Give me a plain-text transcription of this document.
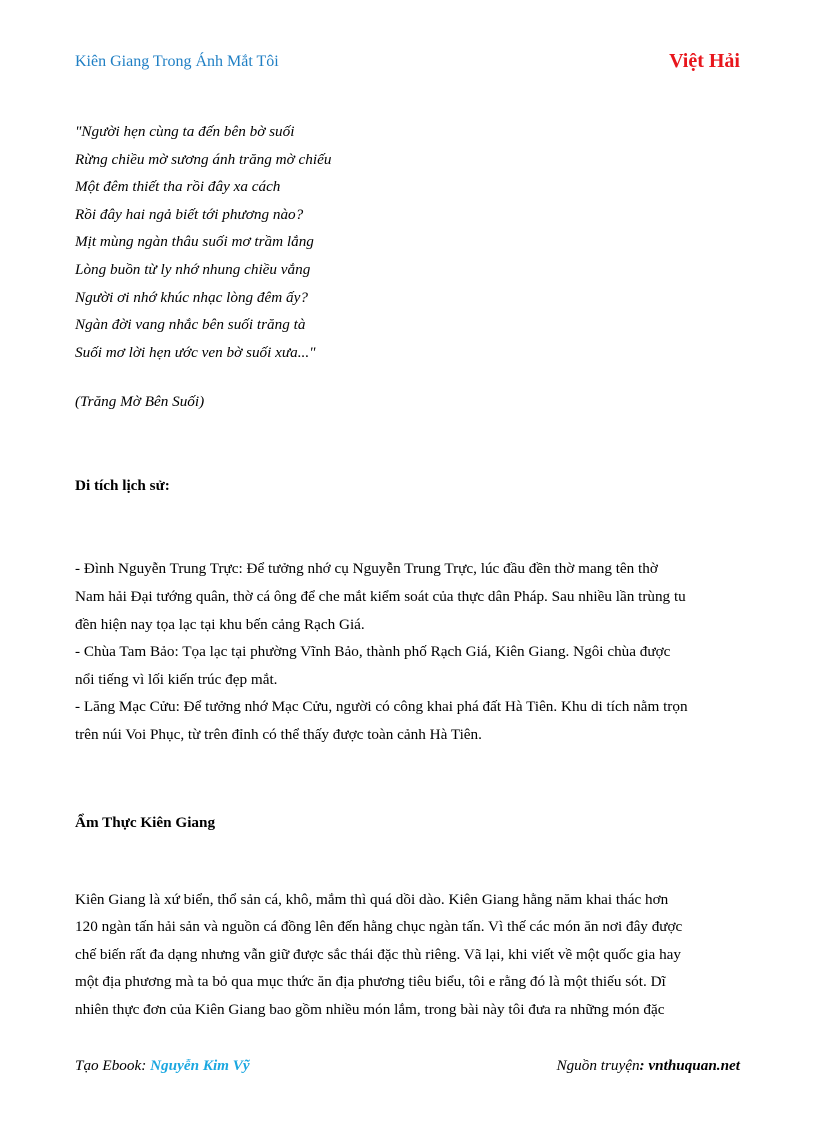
Kiên Giang Trong Ánh Mắt Tôi	Việt Hải
"Người hẹn cùng ta đến bên bờ suối
Rừng chiều mờ sương ánh trăng mờ chiếu
Một đêm thiết tha rồi đây xa cách
Rồi đây hai ngả biết tới phương nào?
Mịt mùng ngàn thâu suối mơ trầm lắng
Lòng buồn từ ly nhớ nhung chiều vắng
Người ơi nhớ khúc nhạc lòng đêm ấy?
Ngàn đời vang nhắc bên suối trăng tà
Suối mơ lời hẹn ước ven bờ suối xưa..."
(Trăng Mờ Bên Suối)
Di tích lịch sử:
- Đình Nguyễn Trung Trực: Để tưởng nhớ cụ Nguyễn Trung Trực, lúc đầu đền thờ mang tên thờ
Nam hải Đại tướng quân, thờ cá ông để che mắt kiểm soát của thực dân Pháp. Sau nhiều lần trùng tu
đền hiện nay tọa lạc tại khu bến cảng Rạch Giá.
- Chùa Tam Bảo: Tọa lạc tại phường Vĩnh Bảo, thành phố Rạch Giá, Kiên Giang. Ngôi chùa được
nổi tiếng vì lối kiến trúc đẹp mắt.
- Lăng Mạc Cửu: Để tưởng nhớ Mạc Cửu, người có công khai phá đất Hà Tiên. Khu di tích nằm trọn
trên núi Voi Phục, từ trên đỉnh có thể thấy được toàn cảnh Hà Tiên.
Ẩm Thực Kiên Giang
Kiên Giang là xứ biển, thổ sản cá, khô, mắm thì quá dồi dào. Kiên Giang hằng năm khai thác hơn
120 ngàn tấn hải sản và nguồn cá đồng lên đến hằng chục ngàn tấn. Vì thế các món ăn nơi đây được
chế biến rất đa dạng nhưng vẫn giữ được sắc thái đặc thù riêng. Vã lại, khi viết về một quốc gia hay
một địa phương mà ta bỏ qua mục thức ăn địa phương tiêu biểu, tôi e rằng đó là một thiếu sót. Dĩ
nhiên thực đơn của Kiên Giang bao gồm nhiều món lắm, trong bài này tôi đưa ra những món đặc
Tạo Ebook: Nguyễn Kim Vỹ	Nguồn truyện: vnthuquan.net
